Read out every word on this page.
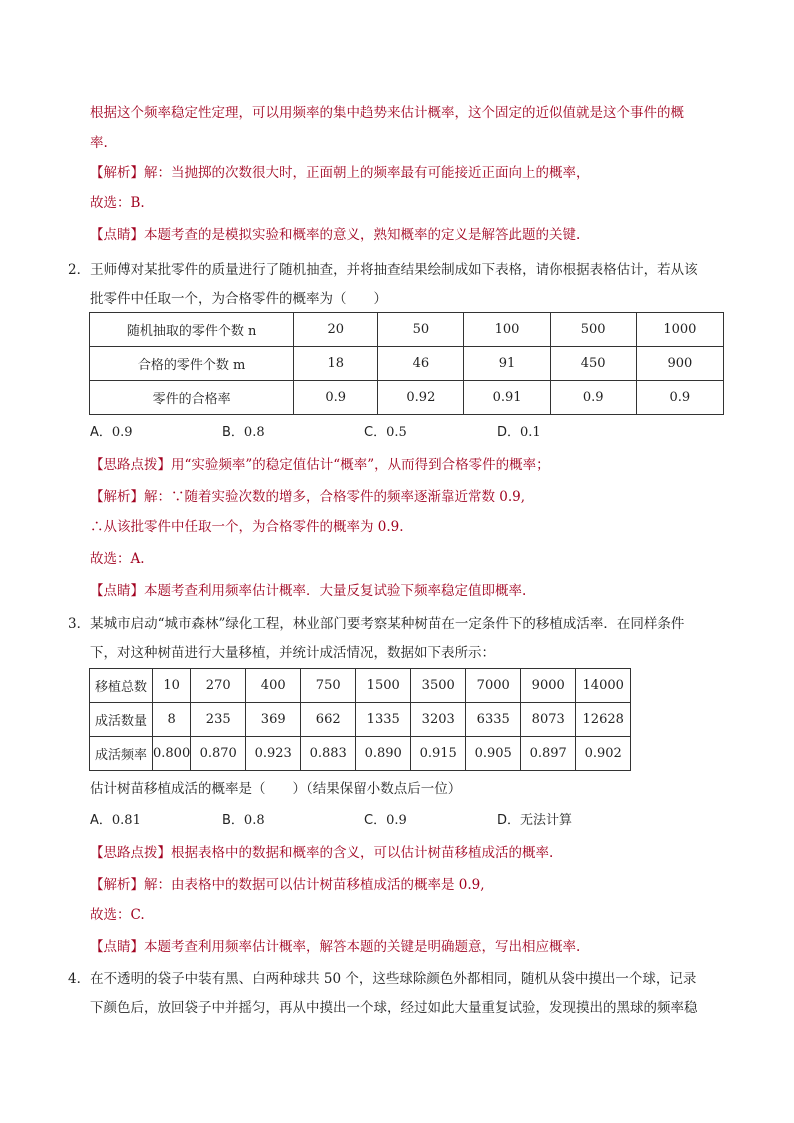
根据这个频率稳定性定理，可以用频率的集中趋势来估计概率，这个固定的近似值就是这个事件的概
率.
【解析】解：当抛掷的次数很大时，正面朝上的频率最有可能接近正面向上的概率，
故选：B.
【点睛】本题考查的是模拟实验和概率的意义，熟知概率的定义是解答此题的关键.
2．王师傅对某批零件的质量进行了随机抽查，并将抽查结果绘制成如下表格，请你根据表格估计，若从该
批零件中任取一个，为合格零件的概率为（　　）
随机抽取的零件个数 n	20	50	100	500	1000
合格的零件个数 m	18	46	91	450	900
零件的合格率	0.9	0.92	0.91	0.9	0.9
A．0.9	B．0.8	C．0.5	D．0.1
【思路点拨】用“实验频率”的稳定值估计“概率”，从而得到合格零件的概率；
【解析】解：∵随着实验次数的增多，合格零件的频率逐渐靠近常数 0.9,
∴从该批零件中任取一个，为合格零件的概率为 0.9.
故选：A.
【点睛】本题考查利用频率估计概率．大量反复试验下频率稳定值即概率.
3．某城市启动“城市森林”绿化工程，林业部门要考察某种树苗在一定条件下的移植成活率．在同样条件
下，对这种树苗进行大量移植，并统计成活情况，数据如下表所示：
移植总数	10	270	400	750	1500	3500	7000	9000	14000
成活数量	8	235	369	662	1335	3203	6335	8073	12628
成活频率	0.800	0.870	0.923	0.883	0.890	0.915	0.905	0.897	0.902
估计树苗移植成活的概率是（　　）（结果保留小数点后一位）
A．0.81	B．0.8	C．0.9	D．无法计算
【思路点拨】根据表格中的数据和概率的含义，可以估计树苗移植成活的概率.
【解析】解：由表格中的数据可以估计树苗移植成活的概率是 0.9,
故选：C.
【点睛】本题考查利用频率估计概率，解答本题的关键是明确题意，写出相应概率.
4．在不透明的袋子中装有黑、白两种球共 50 个，这些球除颜色外都相同，随机从袋中摸出一个球，记录
下颜色后，放回袋子中并摇匀，再从中摸出一个球，经过如此大量重复试验，发现摸出的黑球的频率稳
